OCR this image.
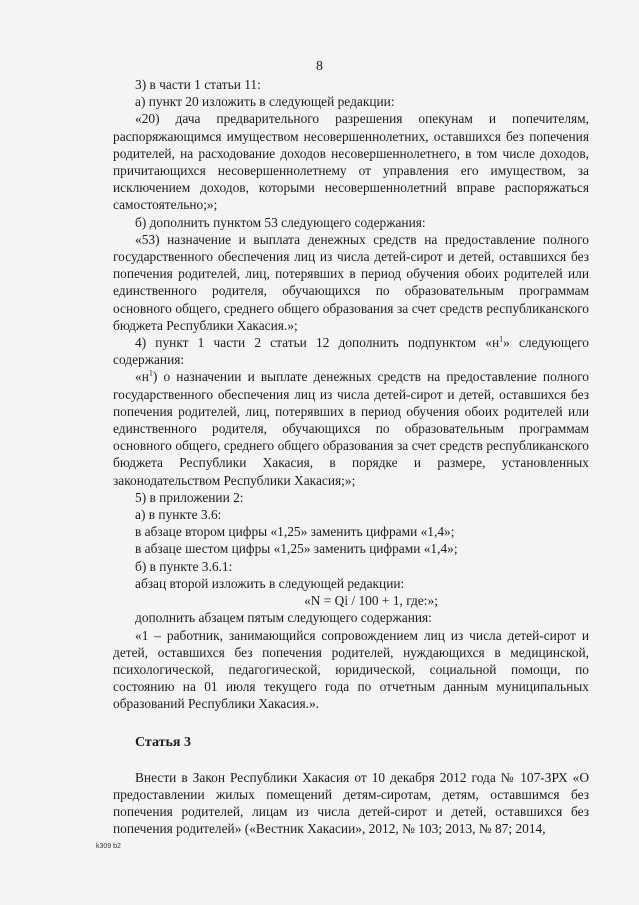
8

3) в части 1 статьи 11:

а) пункт 20 изложить в следующей редакции:

«20) дача предварительного разрешения опекунам и попечителям, распоряжающимся имуществом несовершеннолетних, оставшихся без попечения родителей, на расходование доходов несовершеннолетнего, в том числе доходов, причитающихся несовершеннолетнему от управления его имуществом, за исключением доходов, которыми несовершеннолетний вправе распоряжаться самостоятельно;»;

б) дополнить пунктом 53 следующего содержания:

«53) назначение и выплата денежных средств на предоставление полного государственного обеспечения лиц из числа детей-сирот и детей, оставшихся без попечения родителей, лиц, потерявших в период обучения обоих родителей или единственного родителя, обучающихся по образовательным программам основного общего, среднего общего образования за счет средств республиканского бюджета Республики Хакасия.»;

4) пункт 1 части 2 статьи 12 дополнить подпунктом «$н^1$» следующего содержания:

«$н^1$) о назначении и выплате денежных средств на предоставление полного государственного обеспечения лиц из числа детей-сирот и детей, оставшихся без попечения родителей, лиц, потерявших в период обучения обоих родителей или единственного родителя, обучающихся по образовательным программам основного общего, среднего общего образования за счет средств республиканского бюджета Республики Хакасия, в порядке и размере, установленных законодательством Республики Хакасия;»;

5) в приложении 2:

а) в пункте 3.6:

в абзаце втором цифры «1,25» заменить цифрами «1,4»;

в абзаце шестом цифры «1,25» заменить цифрами «1,4»;

б) в пункте 3.6.1:

абзац второй изложить в следующей редакции:

«N = Qi / 100 + 1, где:»;

дополнить абзацем пятым следующего содержания:

«1 – работник, занимающийся сопровождением лиц из числа детей-сирот и детей, оставшихся без попечения родителей, нуждающихся в медицинской, психологической, педагогической, юридической, социальной помощи, по состоянию на 01 июля текущего года по отчетным данным муниципальных образований Республики Хакасия.».

Статья 3

Внести в Закон Республики Хакасия от 10 декабря 2012 года № 107-ЗРХ «О предоставлении жилых помещений детям-сиротам, детям, оставшимся без попечения родителей, лицам из числа детей-сирот и детей, оставшихся без попечения родителей» («Вестник Хакасии», 2012, № 103; 2013, № 87; 2014,

k309 b2
